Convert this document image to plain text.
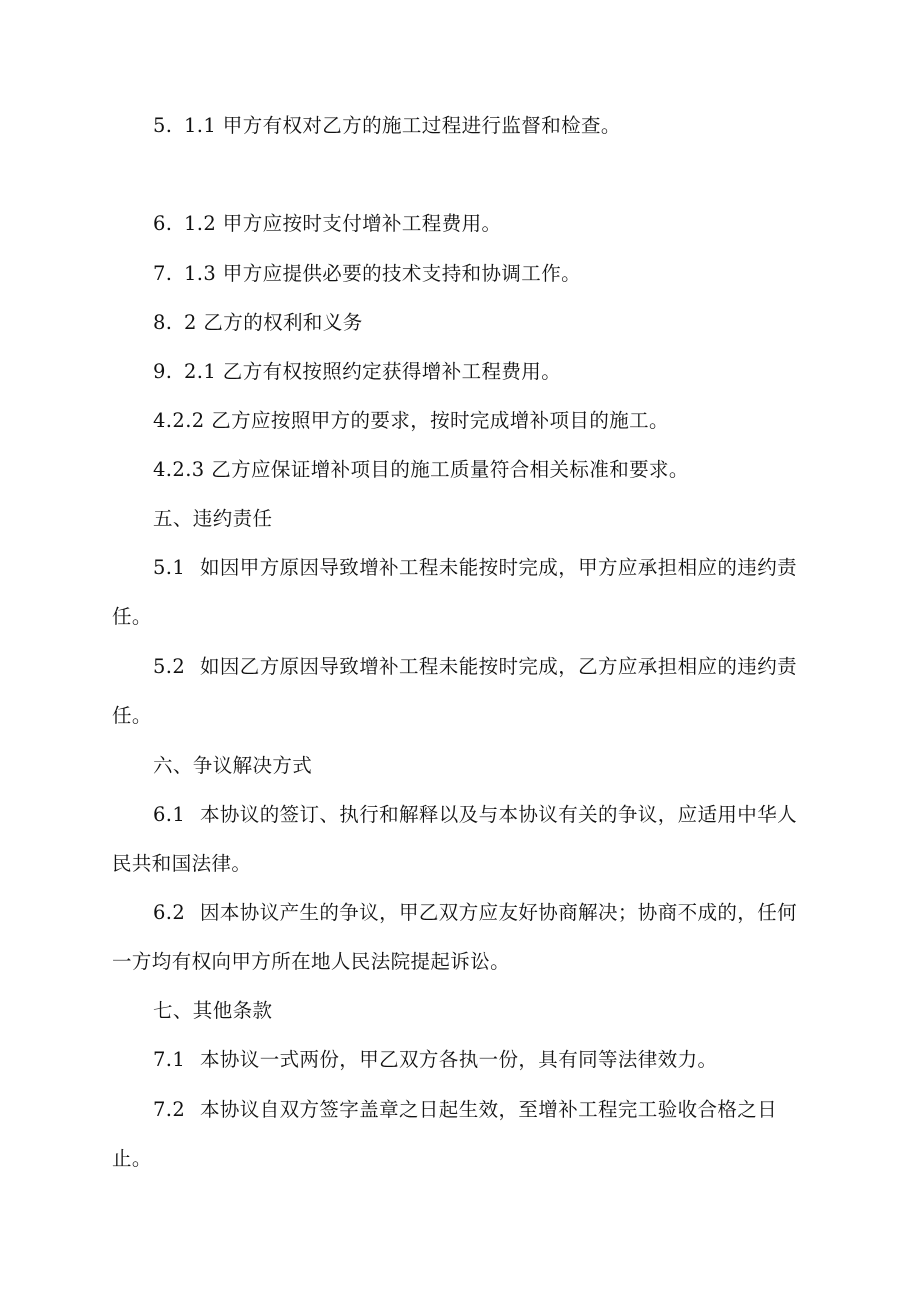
5. 1.1 甲方有权对乙方的施工过程进行监督和检查。
6. 1.2 甲方应按时支付增补工程费用。
7. 1.3 甲方应提供必要的技术支持和协调工作。
8. 2 乙方的权利和义务
9. 2.1 乙方有权按照约定获得增补工程费用。
4.2.2 乙方应按照甲方的要求，按时完成增补项目的施工。
4.2.3 乙方应保证增补项目的施工质量符合相关标准和要求。
五、违约责任
5.1 如因甲方原因导致增补工程未能按时完成，甲方应承担相应的违约责
任。
5.2 如因乙方原因导致增补工程未能按时完成，乙方应承担相应的违约责
任。
六、争议解决方式
6.1 本协议的签订、执行和解释以及与本协议有关的争议，应适用中华人
民共和国法律。
6.2 因本协议产生的争议，甲乙双方应友好协商解决；协商不成的，任何
一方均有权向甲方所在地人民法院提起诉讼。
七、其他条款
7.1 本协议一式两份，甲乙双方各执一份，具有同等法律效力。
7.2 本协议自双方签字盖章之日起生效，至增补工程完工验收合格之日
止。
